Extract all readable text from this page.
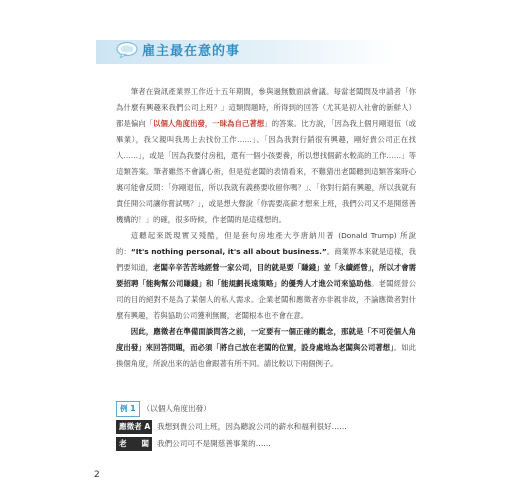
雇主最在意的事

筆者在資訊產業界工作近十五年期間，參與過無數面談會議。每當老闆問及申請者「你為什麼有興趣來我們公司上班？」這類問題時，所得到的回答（尤其是初入社會的新鮮人）都是偏向「以個人角度出發，一昧為自己著想」的答案。比方說，「因為我上個月剛退伍（或畢業），我父親叫我馬上去找份工作……」、「因為我對行銷很有興趣，剛好貴公司正在找人……」，或是「因為我要付房租，還有一個小孩要養，所以想找個薪水較高的工作……」等這類答案。筆者雖然不會講心術，但是從老闆的表情看來，不難猜出老闆聽到這類答案時心裏可能會反問：「你剛退伍，所以我就有義務要收留你嗎？」、「你對行銷有興趣，所以我就有責任開公司讓你嘗試嗎？」，或是想大聲說「你需要高薪才想來上班，我們公司又不是開慈善機構的！」的確，很多時候，作老闆的是這樣想的。

這聽起來既現實又殘酷，但是套句房地產大亨唐納川普 (Donald Trump) 所說的：“It's nothing personal, it's all about business.”。商業界本來就是這樣，我們要知道，老闆辛辛苦苦地經營一家公司，目的就是要「賺錢」並「永續經營」，所以才會需要招聘「能夠幫公司賺錢」和「能規劃長遠策略」的優秀人才進公司來協助他。老闆經營公司的目的絕對不是為了某個人的私人需求。企業老闆和應徵者亦非親非故，不論應徵者對什麼有興趣，若與協助公司獲利無關，老闆根本也不會在意。

因此，應徵者在準備面談問答之前，一定要有一個正確的觀念，那就是「不可從個人角度出發」來回答問題，而必須「將自己放在老闆的位置，設身處地為老闆與公司著想」。如此換個角度，所說出來的話也會跟著有所不同。請比較以下兩個例子。

例 1 （以個人角度出發）
應徵者 A 我想到貴公司上班，因為聽說公司的薪水和福利很好……
老　闆 我們公司可不是開慈善事業的……
2
